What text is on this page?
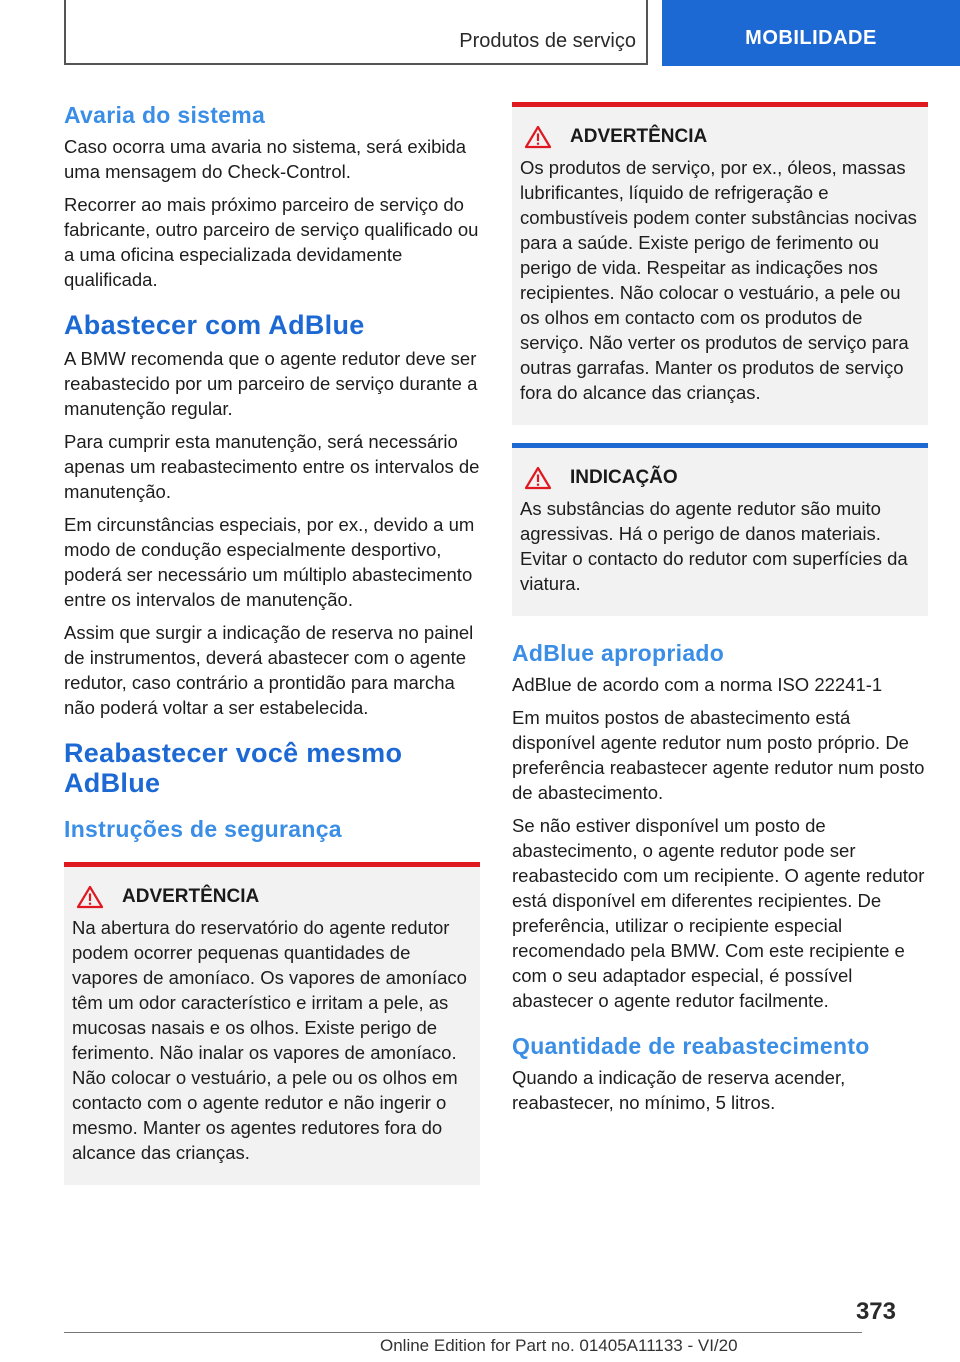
Produtos de serviço	MOBILIDADE
Avaria do sistema
Caso ocorra uma avaria no sistema, será exibida uma mensagem do Check-Control.
Recorrer ao mais próximo parceiro de serviço do fabricante, outro parceiro de serviço qualificado ou a uma oficina especializada devidamente qualificada.
Abastecer com AdBlue
A BMW recomenda que o agente redutor deve ser reabastecido por um parceiro de serviço durante a manutenção regular.
Para cumprir esta manutenção, será necessário apenas um reabastecimento entre os intervalos de manutenção.
Em circunstâncias especiais, por ex., devido a um modo de condução especialmente desportivo, poderá ser necessário um múltiplo abastecimento entre os intervalos de manutenção.
Assim que surgir a indicação de reserva no painel de instrumentos, deverá abastecer com o agente redutor, caso contrário a prontidão para marcha não poderá voltar a ser estabelecida.
Reabastecer você mesmo AdBlue
Instruções de segurança
ADVERTÊNCIA
Na abertura do reservatório do agente redutor podem ocorrer pequenas quantidades de vapores de amoníaco. Os vapores de amoníaco têm um odor característico e irritam a pele, as mucosas nasais e os olhos. Existe perigo de ferimento. Não inalar os vapores de amoníaco. Não colocar o vestuário, a pele ou os olhos em contacto com o agente redutor e não ingerir o mesmo. Manter os agentes redutores fora do alcance das crianças.
ADVERTÊNCIA
Os produtos de serviço, por ex., óleos, massas lubrificantes, líquido de refrigeração e combustíveis podem conter substâncias nocivas para a saúde. Existe perigo de ferimento ou perigo de vida. Respeitar as indicações nos recipientes. Não colocar o vestuário, a pele ou os olhos em contacto com os produtos de serviço. Não verter os produtos de serviço para outras garrafas. Manter os produtos de serviço fora do alcance das crianças.
INDICAÇÃO
As substâncias do agente redutor são muito agressivas. Há o perigo de danos materiais. Evitar o contacto do redutor com superfícies da viatura.
AdBlue apropriado
AdBlue de acordo com a norma ISO 22241-1
Em muitos postos de abastecimento está disponível agente redutor num posto próprio. De preferência reabastecer agente redutor num posto de abastecimento.
Se não estiver disponível um posto de abastecimento, o agente redutor pode ser reabastecido com um recipiente. O agente redutor está disponível em diferentes recipientes. De preferência, utilizar o recipiente especial recomendado pela BMW. Com este recipiente e com o seu adaptador especial, é possível abastecer o agente redutor facilmente.
Quantidade de reabastecimento
Quando a indicação de reserva acender, reabastecer, no mínimo, 5 litros.
373
Online Edition for Part no. 01405A11133 - VI/20
